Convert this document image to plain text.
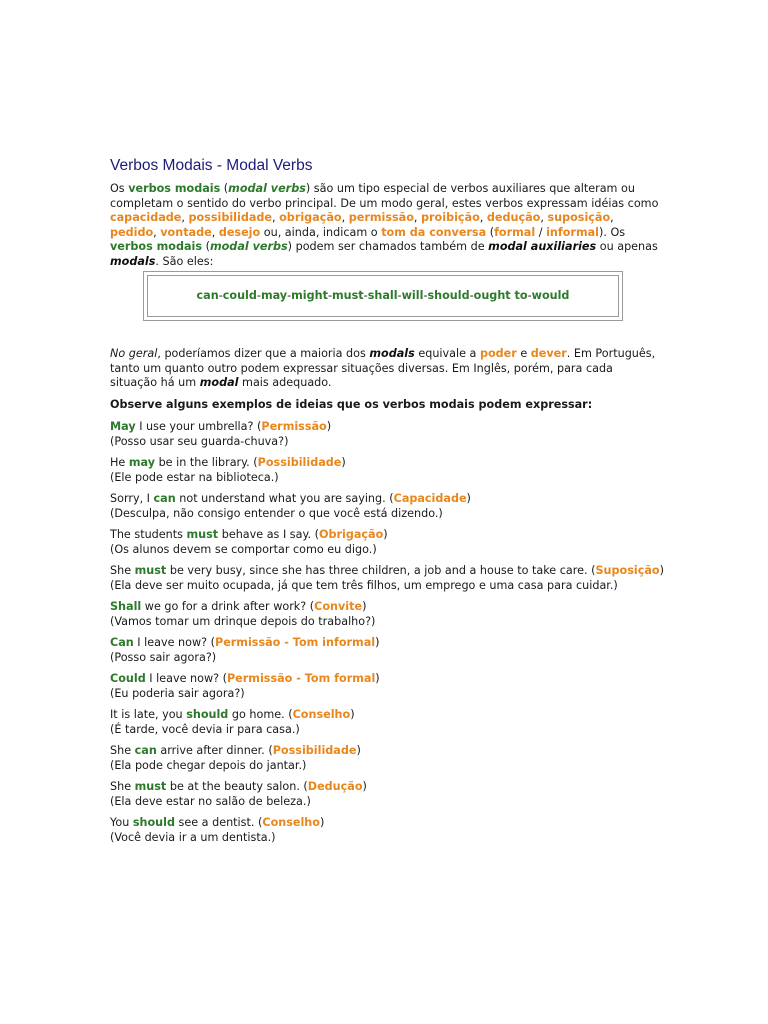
Verbos Modais - Modal Verbs

Os verbos modais (modal verbs) são um tipo especial de verbos auxiliares que alteram ou completam o sentido do verbo principal. De um modo geral, estes verbos expressam idéias como capacidade, possibilidade, obrigação, permissão, proibição, dedução, suposição, pedido, vontade, desejo ou, ainda, indicam o tom da conversa (formal / informal). Os verbos modais (modal verbs) podem ser chamados também de modal auxiliaries ou apenas modals. São eles:

can - could - may - might - must - shall - will - should - ought to - would

No geral, poderíamos dizer que a maioria dos modals equivale a poder e dever. Em Português, tanto um quanto outro podem expressar situações diversas. Em Inglês, porém, para cada situação há um modal mais adequado.

Observe alguns exemplos de ideias que os verbos modais podem expressar:

May I use your umbrella? (Permissão)
(Posso usar seu guarda-chuva?)

He may be in the library. (Possibilidade)
(Ele pode estar na biblioteca.)

Sorry, I can not understand what you are saying. (Capacidade)
(Desculpa, não consigo entender o que você está dizendo.)

The students must behave as I say. (Obrigação)
(Os alunos devem se comportar como eu digo.)

She must be very busy, since she has three children, a job and a house to take care. (Suposição)
(Ela deve ser muito ocupada, já que tem três filhos, um emprego e uma casa para cuidar.)

Shall we go for a drink after work? (Convite)
(Vamos tomar um drinque depois do trabalho?)

Can I leave now? (Permissão - Tom informal)
(Posso sair agora?)

Could I leave now? (Permissão - Tom formal)
(Eu poderia sair agora?)

It is late, you should go home. (Conselho)
(É tarde, você devia ir para casa.)

She can arrive after dinner. (Possibilidade)
(Ela pode chegar depois do jantar.)

She must be at the beauty salon. (Dedução)
(Ela deve estar no salão de beleza.)

You should see a dentist. (Conselho)
(Você devia ir a um dentista.)
